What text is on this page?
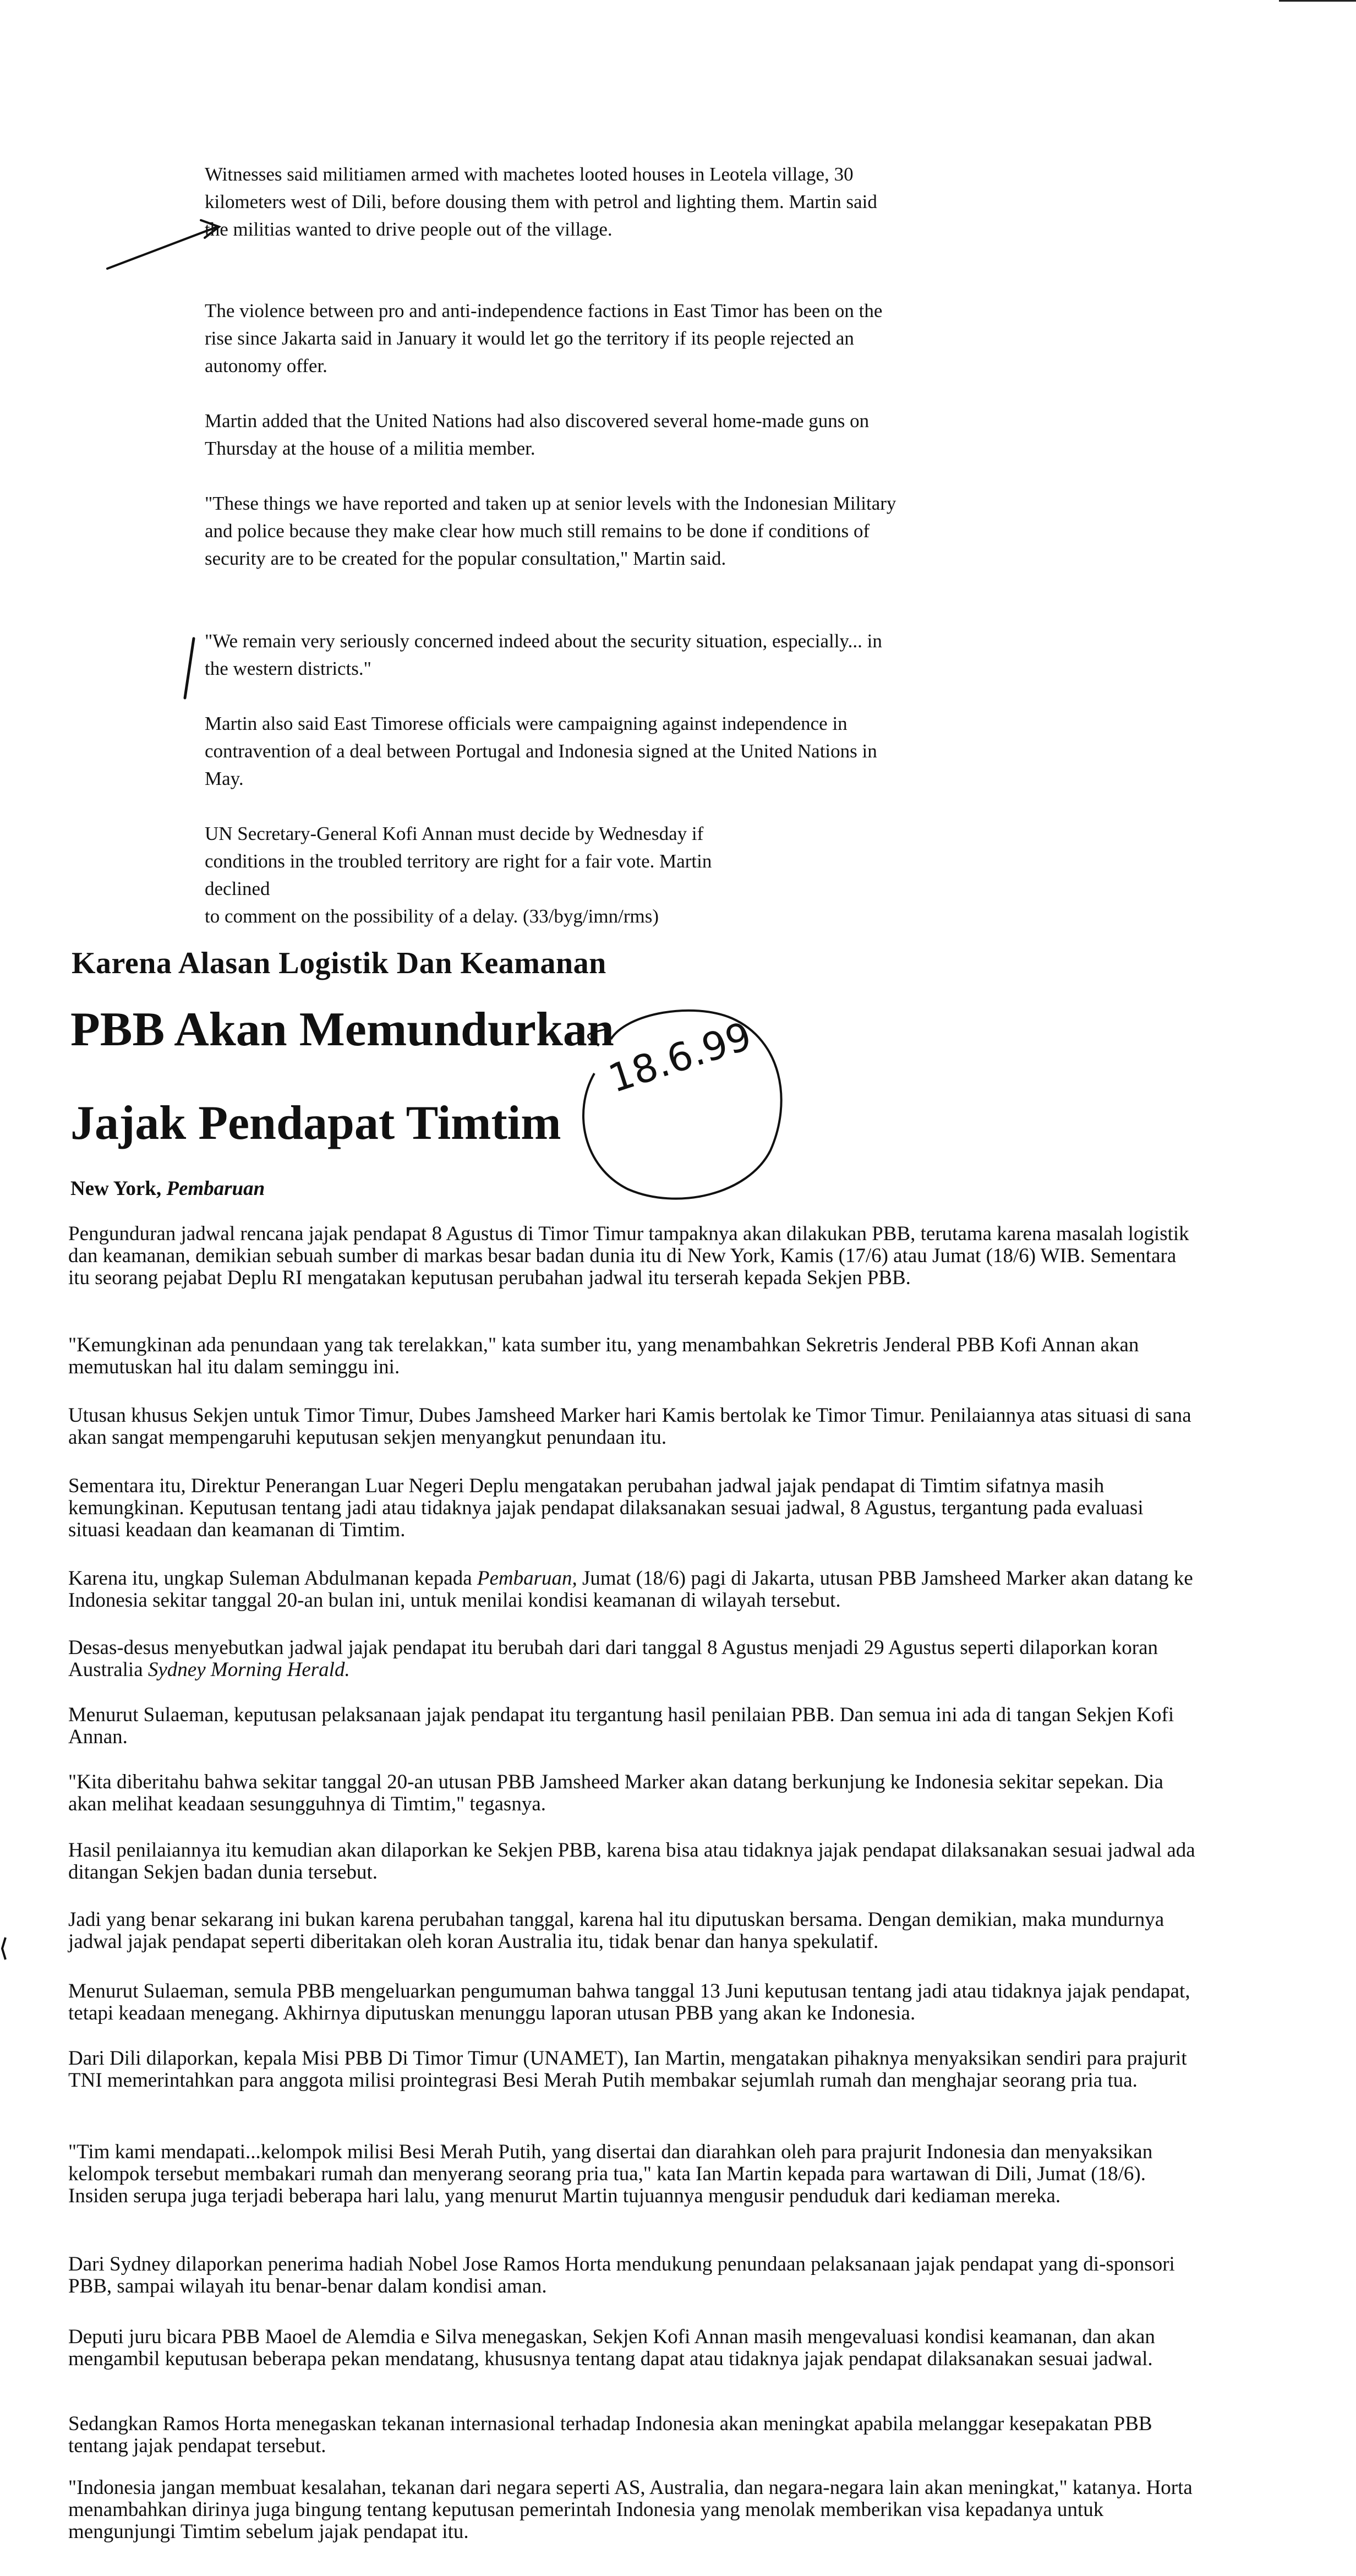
Witnesses said militiamen armed with machetes looted houses in Leotela village, 30 kilometers west of Dili, before dousing them with petrol and lighting them. Martin said the militias wanted to drive people out of the village.

The violence between pro and anti-independence factions in East Timor has been on the rise since Jakarta said in January it would let go the territory if its people rejected an autonomy offer.

Martin added that the United Nations had also discovered several home-made guns on Thursday at the house of a militia member.

"These things we have reported and taken up at senior levels with the Indonesian Military and police because they make clear how much still remains to be done if conditions of security are to be created for the popular consultation," Martin said.

"We remain very seriously concerned indeed about the security situation, especially... in the western districts."

Martin also said East Timorese officials were campaigning against independence in contravention of a deal between Portugal and Indonesia signed at the United Nations in May.

UN Secretary-General Kofi Annan must decide by Wednesday if

conditions in the troubled territory are right for a fair vote. Martin

declined

to comment on the possibility of a delay. (33/byg/imn/rms)

Karena Alasan Logistik Dan Keamanan
PBB Akan Memundurkan
Jajak Pendapat Timtim
New York, Pembaruan
18.6.99

Pengunduran jadwal rencana jajak pendapat 8 Agustus di Timor Timur tampaknya akan dilakukan PBB, terutama karena masalah logistik dan keamanan, demikian sebuah sumber di markas besar badan dunia itu di New York, Kamis (17/6) atau Jumat (18/6) WIB. Sementara itu seorang pejabat Deplu RI mengatakan keputusan perubahan jadwal itu terserah kepada Sekjen PBB.

"Kemungkinan ada penundaan yang tak terelakkan," kata sumber itu, yang menambahkan Sekretris Jenderal PBB Kofi Annan akan memutuskan hal itu dalam seminggu ini.

Utusan khusus Sekjen untuk Timor Timur, Dubes Jamsheed Marker hari Kamis bertolak ke Timor Timur. Penilaiannya atas situasi di sana akan sangat mempengaruhi keputusan sekjen menyangkut penundaan itu.

Sementara itu, Direktur Penerangan Luar Negeri Deplu mengatakan perubahan jadwal jajak pendapat di Timtim sifatnya masih kemungkinan. Keputusan tentang jadi atau tidaknya jajak pendapat dilaksanakan sesuai jadwal, 8 Agustus, tergantung pada evaluasi situasi keadaan dan keamanan di Timtim.

Karena itu, ungkap Suleman Abdulmanan kepada Pembaruan, Jumat (18/6) pagi di Jakarta, utusan PBB Jamsheed Marker akan datang ke Indonesia sekitar tanggal 20-an bulan ini, untuk menilai kondisi keamanan di wilayah tersebut.

Desas-desus menyebutkan jadwal jajak pendapat itu berubah dari dari tanggal 8 Agustus menjadi 29 Agustus seperti dilaporkan koran Australia Sydney Morning Herald.

Menurut Sulaeman, keputusan pelaksanaan jajak pendapat itu tergantung hasil penilaian PBB. Dan semua ini ada di tangan Sekjen Kofi Annan.

"Kita diberitahu bahwa sekitar tanggal 20-an utusan PBB Jamsheed Marker akan datang berkunjung ke Indonesia sekitar sepekan. Dia akan melihat keadaan sesungguhnya di Timtim," tegasnya.

Hasil penilaiannya itu kemudian akan dilaporkan ke Sekjen PBB, karena bisa atau tidaknya jajak pendapat dilaksanakan sesuai jadwal ada ditangan Sekjen badan dunia tersebut.

Jadi yang benar sekarang ini bukan karena perubahan tanggal, karena hal itu diputuskan bersama. Dengan demikian, maka mundurnya jadwal jajak pendapat seperti diberitakan oleh koran Australia itu, tidak benar dan hanya spekulatif.

Menurut Sulaeman, semula PBB mengeluarkan pengumuman bahwa tanggal 13 Juni keputusan tentang jadi atau tidaknya jajak pendapat, tetapi keadaan menegang. Akhirnya diputuskan menunggu laporan utusan PBB yang akan ke Indonesia.

Dari Dili dilaporkan, kepala Misi PBB Di Timor Timur (UNAMET), Ian Martin, mengatakan pihaknya menyaksikan sendiri para prajurit TNI memerintahkan para anggota milisi prointegrasi Besi Merah Putih membakar sejumlah rumah dan menghajar seorang pria tua.

"Tim kami mendapati...kelompok milisi Besi Merah Putih, yang disertai dan diarahkan oleh para prajurit Indonesia dan menyaksikan kelompok tersebut membakari rumah dan menyerang seorang pria tua," kata Ian Martin kepada para wartawan di Dili, Jumat (18/6). Insiden serupa juga terjadi beberapa hari lalu, yang menurut Martin tujuannya mengusir penduduk dari kediaman mereka.

Dari Sydney dilaporkan penerima hadiah Nobel Jose Ramos Horta mendukung penundaan pelaksanaan jajak pendapat yang di-sponsori PBB, sampai wilayah itu benar-benar dalam kondisi aman.

Deputi juru bicara PBB Maoel de Alemdia e Silva menegaskan, Sekjen Kofi Annan masih mengevaluasi kondisi keamanan, dan akan mengambil keputusan beberapa pekan mendatang, khususnya tentang dapat atau tidaknya jajak pendapat dilaksanakan sesuai jadwal.

Sedangkan Ramos Horta menegaskan tekanan internasional terhadap Indonesia akan meningkat apabila melanggar kesepakatan PBB tentang jajak pendapat tersebut.

"Indonesia jangan membuat kesalahan, tekanan dari negara seperti AS, Australia, dan negara-negara lain akan meningkat," katanya. Horta menambahkan dirinya juga bingung tentang keputusan pemerintah Indonesia yang menolak memberikan visa kepadanya untuk mengunjungi Timtim sebelum jajak pendapat itu.
